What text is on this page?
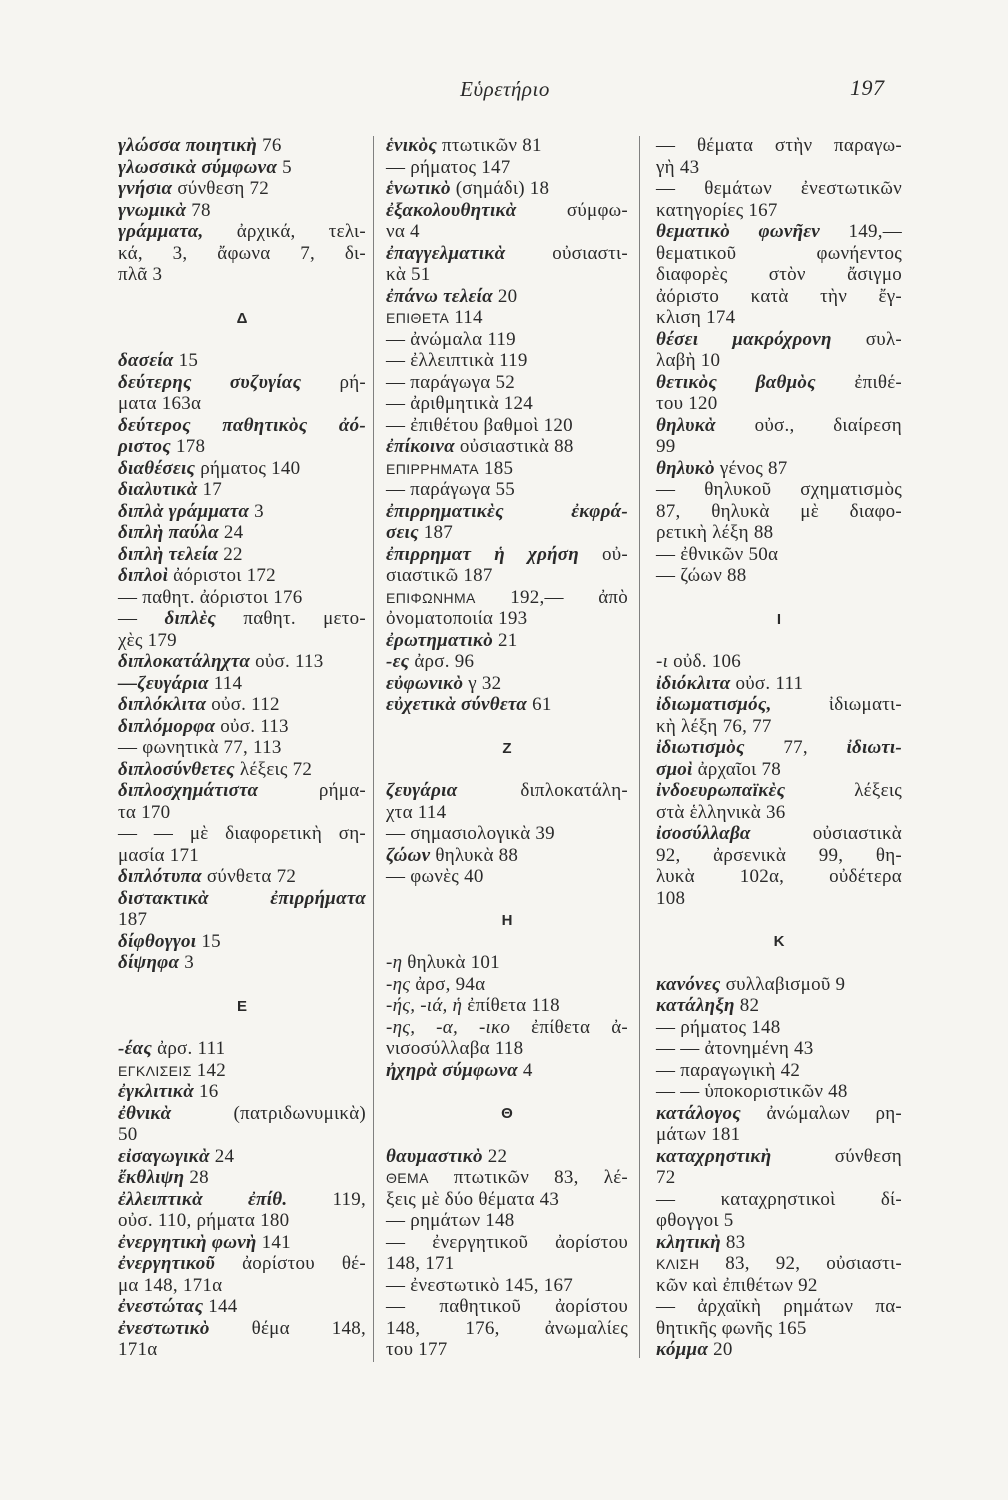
Εὑρετήριο	197
γλώσσα ποιητικὴ 76
γλωσσικὰ σύμφωνα 5
γνήσια σύνθεση 72
γνωμικὰ 78
γράμματα, ἀρχικά, τελι-
κά, 3, ἄφωνα 7, δι-
πλᾶ 3
Δ
δασεία 15
δεύτερης συζυγίας ρή-
ματα 163α
δεύτερος παθητικὸς ἀό-
ριστος 178
διαθέσεις ρήματος 140
διαλυτικὰ 17
διπλὰ γράμματα 3
διπλὴ παύλα 24
διπλὴ τελεία 22
διπλοὶ ἀόριστοι 172
— παθητ. ἀόριστοι 176
— διπλὲς παθητ. μετο-
χὲς 179
διπλοκατάληχτα οὐσ. 113
—ζευγάρια 114
διπλόκλιτα οὐσ. 112
διπλόμορφα οὐσ. 113
— φωνητικὰ 77, 113
διπλοσύνθετες λέξεις 72
διπλοσχημάτιστα ρήμα-
τα 170
— — μὲ διαφορετικὴ ση-
μασία 171
διπλότυπα σύνθετα 72
διστακτικὰ ἐπιρρήματα
187
δίφθογγοι 15
δίψηφα 3
Ε
-έας ἀρσ. 111
ΕΓΚΛΙΣΕΙΣ 142
ἐγκλιτικὰ 16
ἐθνικὰ (πατριδωνυμικὰ)
50
εἰσαγωγικὰ 24
ἔκθλιψη 28
ἐλλειπτικὰ ἐπίθ. 119,
οὐσ. 110, ρήματα 180
ἐνεργητικὴ φωνὴ 141
ἐνεργητικοῦ ἀορίστου θέ-
μα 148, 171α
ἐνεστώτας 144
ἐνεστωτικὸ θέμα 148,
171α
ἑνικὸς πτωτικῶν 81
— ρήματος 147
ἑνωτικὸ (σημάδι) 18
ἐξακολουθητικὰ σύμφω-
να 4
ἐπαγγελματικὰ οὐσιαστι-
κὰ 51
ἐπάνω τελεία 20
ΕΠΙΘΕΤΑ 114
— ἀνώμαλα 119
— ἐλλειπτικὰ 119
— παράγωγα 52
— ἀριθμητικὰ 124
— ἐπιθέτου βαθμοὶ 120
ἐπίκοινα οὐσιαστικὰ 88
ΕΠΙΡΡΗΜΑΤΑ 185
— παράγωγα 55
ἐπιρρηματικὲς ἐκφρά-
σεις 187
ἐπιρρηματ ἡ χρήση οὐ-
σιαστικῶ 187
ΕΠΙΦΩΝΗΜΑ 192,— ἀπὸ
ὀνοματοποιία 193
ἐρωτηματικὸ 21
-ες ἀρσ. 96
εὐφωνικὸ γ 32
εὐχετικὰ σύνθετα 61
Ζ
ζευγάρια διπλοκατάλη-
χτα 114
— σημασιολογικὰ 39
ζώων θηλυκὰ 88
— φωνὲς 40
Η
-η θηλυκὰ 101
-ης ἀρσ, 94α
-ής, -ιά, ἡ ἐπίθετα 118
-ης, -α, -ικο ἐπίθετα ἀ-
νισοσύλλαβα 118
ἠχηρὰ σύμφωνα 4
Θ
θαυμαστικὸ 22
ΘΕΜΑ πτωτικῶν 83, λέ-
ξεις μὲ δύο θέματα 43
— ρημάτων 148
— ἐνεργητικοῦ ἀορίστου
148, 171
— ἐνεστωτικὸ 145, 167
— παθητικοῦ ἀορίστου
148, 176, ἀνωμαλίες
του 177
— θέματα στὴν παραγω-
γὴ 43
— θεμάτων ἐνεστωτικῶν
κατηγορίες 167
θεματικὸ φωνῆεν 149,—
θεματικοῦ φωνήεντος
διαφορὲς στὸν ἄσιγμο
ἀόριστο κατὰ τὴν ἔγ-
κλιση 174
θέσει μακρόχρονη συλ-
λαβὴ 10
θετικὸς βαθμὸς ἐπιθέ-
του 120
θηλυκὰ οὐσ., διαίρεση
99
θηλυκὸ γένος 87
— θηλυκοῦ σχηματισμὸς
87, θηλυκὰ μὲ διαφο-
ρετικὴ λέξη 88
— ἐθνικῶν 50α
— ζώων 88
Ι
-ι οὐδ. 106
ἰδιόκλιτα οὐσ. 111
ἰδιωματισμός, ἰδιωματι-
κὴ λέξη 76, 77
ἰδιωτισμὸς 77, ἰδιωτι-
σμοὶ ἀρχαῖοι 78
ἰνδοευρωπαϊκὲς λέξεις
στὰ ἑλληνικὰ 36
ἰσοσύλλαβα οὐσιαστικὰ
92, ἀρσενικὰ 99, θη-
λυκὰ 102α, οὐδέτερα
108
Κ
κανόνες συλλαβισμοῦ 9
κατάληξη 82
— ρήματος 148
— — ἀτονημένη 43
— παραγωγικὴ 42
— — ὑποκοριστικῶν 48
κατάλογος ἀνώμαλων ρη-
μάτων 181
καταχρηστικὴ σύνθεση
72
— καταχρηστικοὶ δί-
φθογγοι 5
κλητικὴ 83
ΚΛΙΣΗ 83, 92, οὐσιαστι-
κῶν καὶ ἐπιθέτων 92
— ἀρχαϊκὴ ρημάτων πα-
θητικῆς φωνῆς 165
κόμμα 20
